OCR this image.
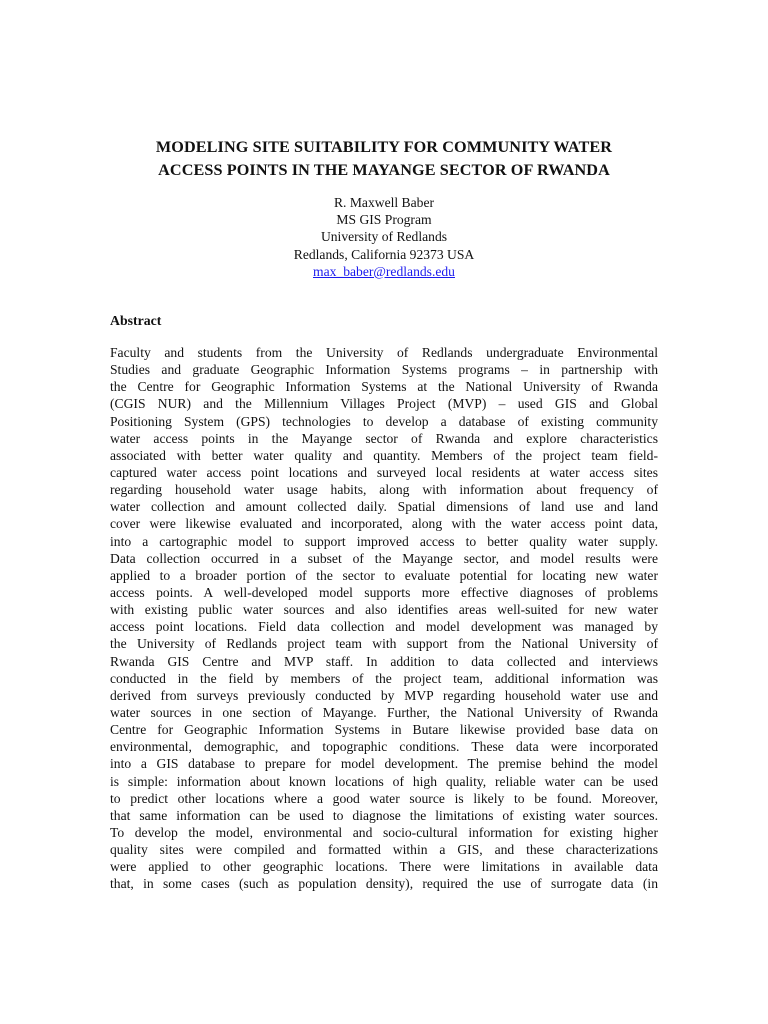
MODELING SITE SUITABILITY FOR COMMUNITY WATER
ACCESS POINTS IN THE MAYANGE SECTOR OF RWANDA
R. Maxwell Baber
MS GIS Program
University of Redlands
Redlands, California 92373 USA
max_baber@redlands.edu
Abstract
Faculty and students from the University of Redlands undergraduate Environmental
Studies and graduate Geographic Information Systems programs – in partnership with
the Centre for Geographic Information Systems at the National University of Rwanda
(CGIS NUR) and the Millennium Villages Project (MVP) – used GIS and Global
Positioning System (GPS) technologies to develop a database of existing community
water access points in the Mayange sector of Rwanda and explore characteristics
associated with better water quality and quantity. Members of the project team field-
captured water access point locations and surveyed local residents at water access sites
regarding household water usage habits, along with information about frequency of
water collection and amount collected daily. Spatial dimensions of land use and land
cover were likewise evaluated and incorporated, along with the water access point data,
into a cartographic model to support improved access to better quality water supply.
Data collection occurred in a subset of the Mayange sector, and model results were
applied to a broader portion of the sector to evaluate potential for locating new water
access points. A well-developed model supports more effective diagnoses of problems
with existing public water sources and also identifies areas well-suited for new water
access point locations. Field data collection and model development was managed by
the University of Redlands project team with support from the National University of
Rwanda GIS Centre and MVP staff. In addition to data collected and interviews
conducted in the field by members of the project team, additional information was
derived from surveys previously conducted by MVP regarding household water use and
water sources in one section of Mayange. Further, the National University of Rwanda
Centre for Geographic Information Systems in Butare likewise provided base data on
environmental, demographic, and topographic conditions. These data were incorporated
into a GIS database to prepare for model development. The premise behind the model
is simple: information about known locations of high quality, reliable water can be used
to predict other locations where a good water source is likely to be found. Moreover,
that same information can be used to diagnose the limitations of existing water sources.
To develop the model, environmental and socio-cultural information for existing higher
quality sites were compiled and formatted within a GIS, and these characterizations
were applied to other geographic locations. There were limitations in available data
that, in some cases (such as population density), required the use of surrogate data (in
